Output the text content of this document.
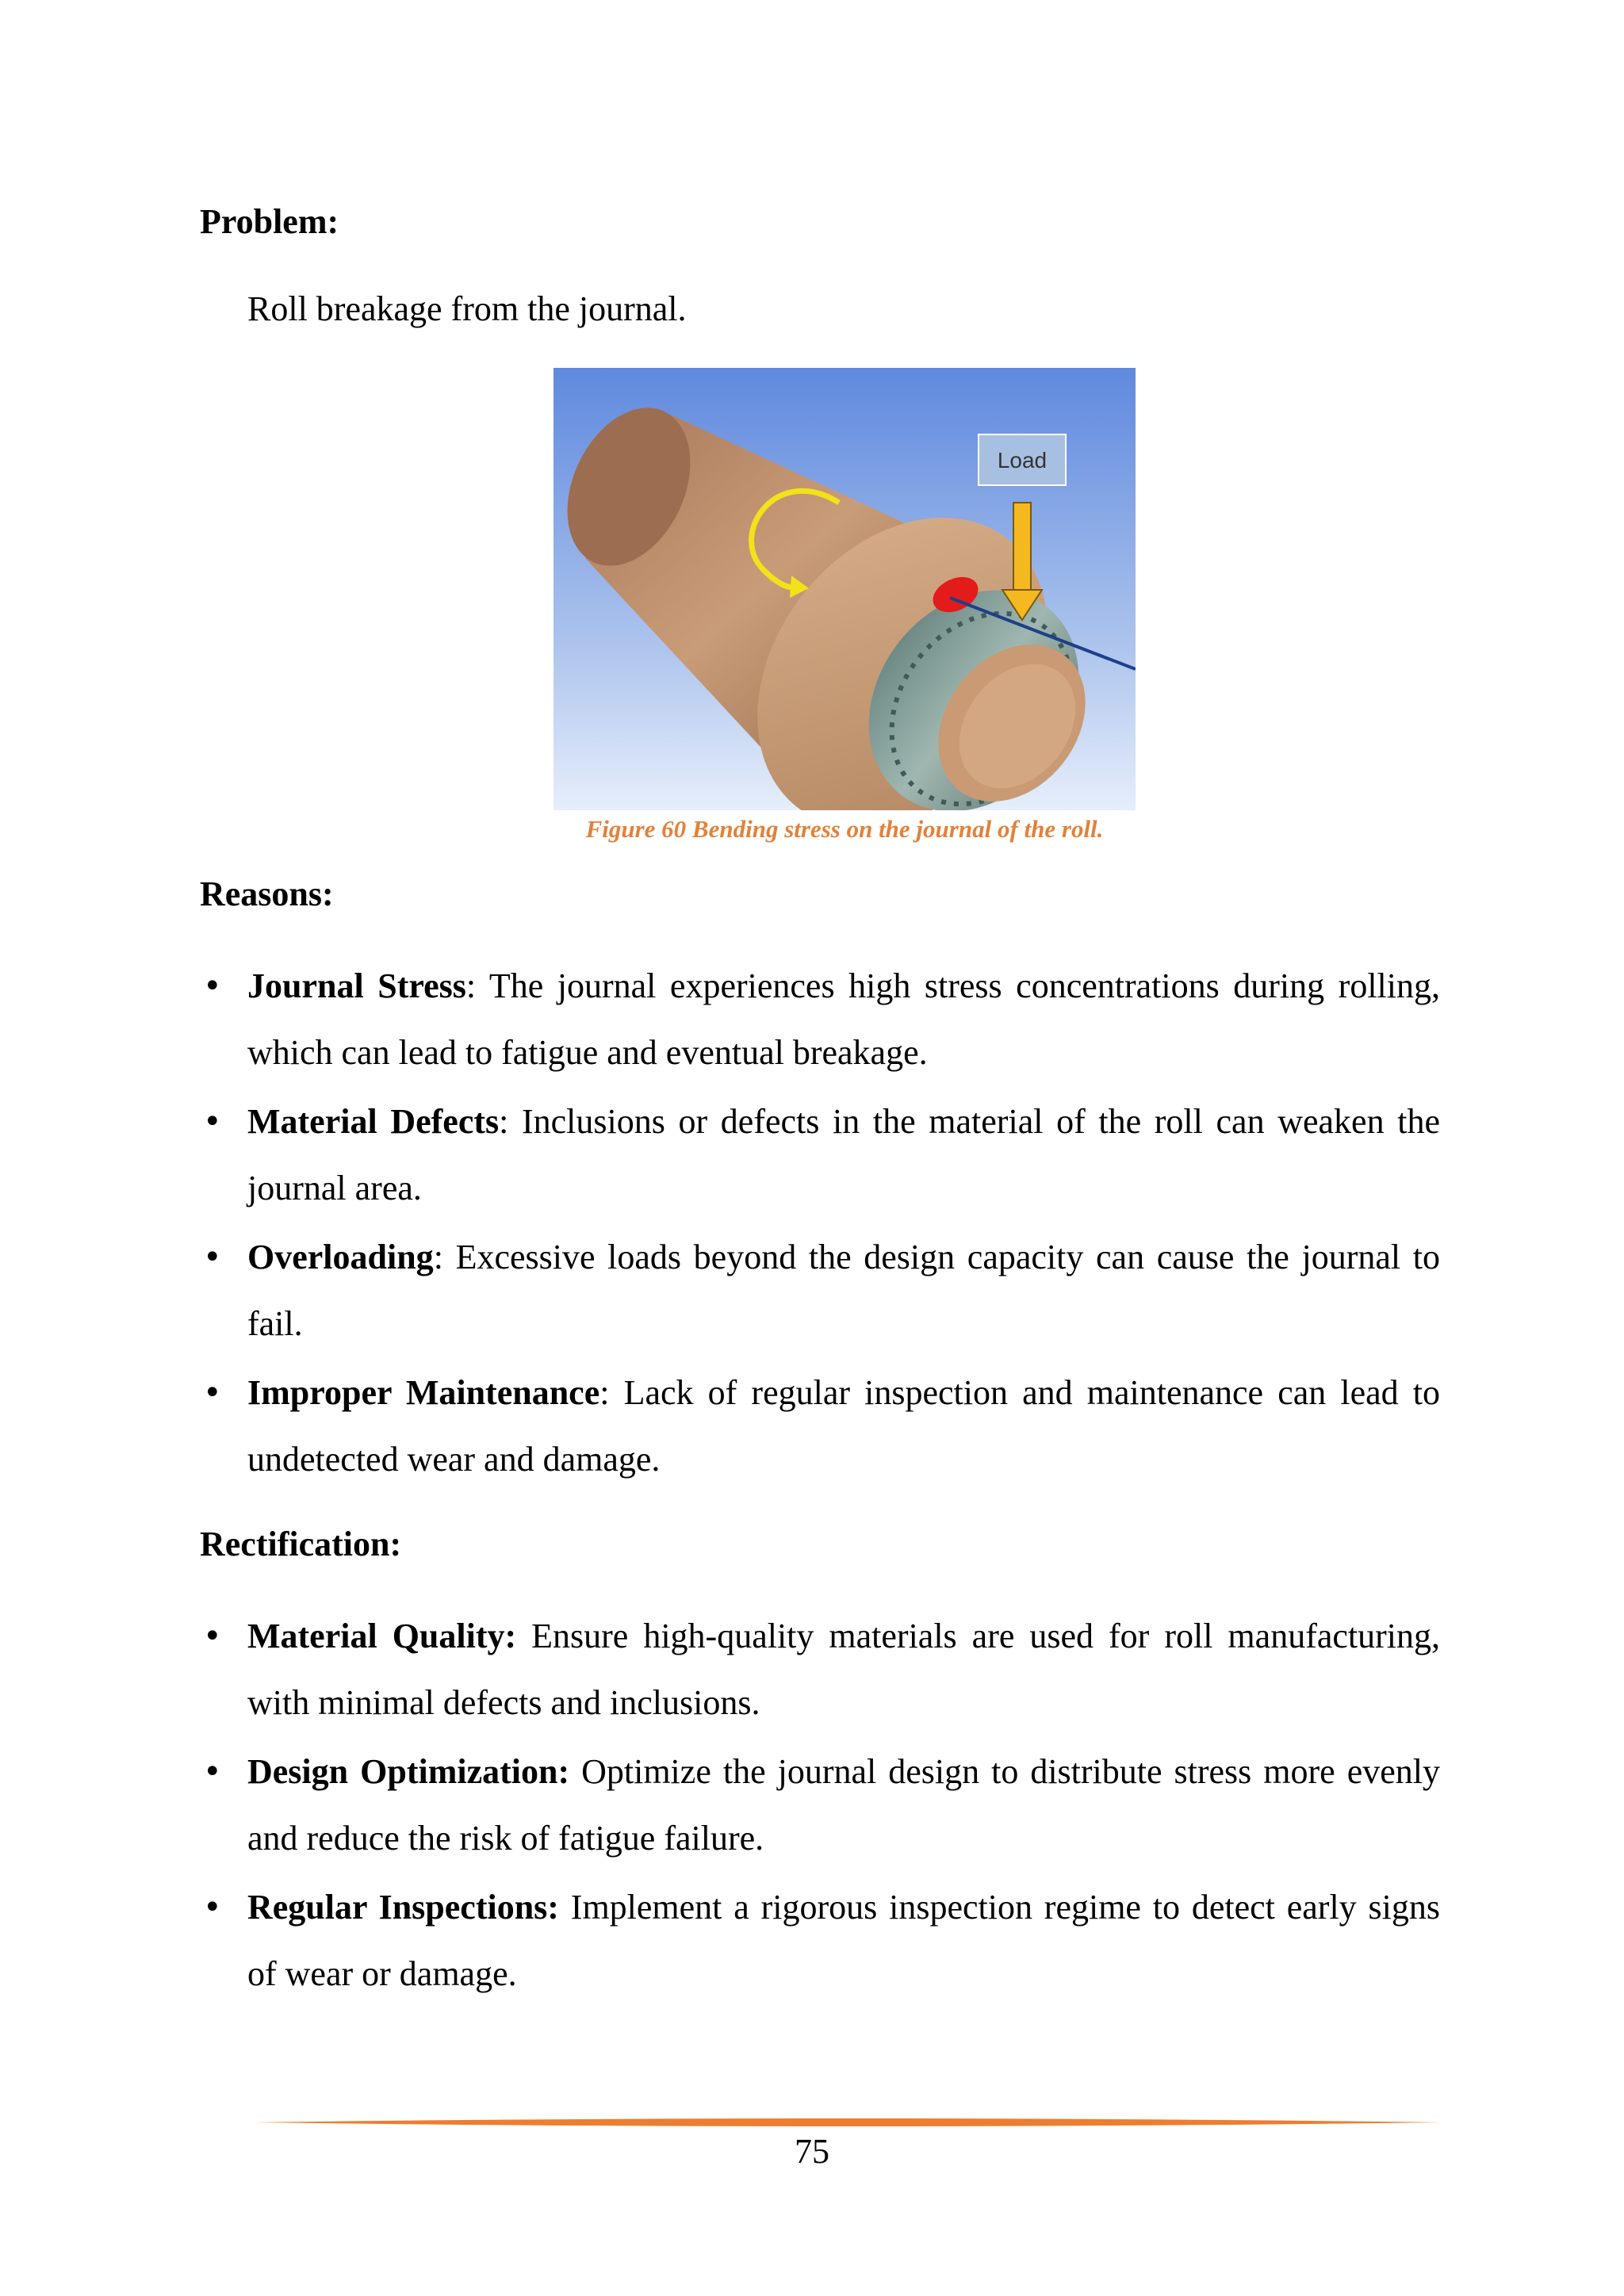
Problem:

Roll breakage from the journal.

Load

Figure 60 Bending stress on the journal of the roll.

Reasons:
• Journal Stress: The journal experiences high stress concentrations during rolling, which can lead to fatigue and eventual breakage.
• Material Defects: Inclusions or defects in the material of the roll can weaken the journal area.
• Overloading: Excessive loads beyond the design capacity can cause the journal to fail.
• Improper Maintenance: Lack of regular inspection and maintenance can lead to undetected wear and damage.
Rectification:
• Material Quality: Ensure high-quality materials are used for roll manufacturing, with minimal defects and inclusions.
• Design Optimization: Optimize the journal design to distribute stress more evenly and reduce the risk of fatigue failure.
• Regular Inspections: Implement a rigorous inspection regime to detect early signs of wear or damage.

75
